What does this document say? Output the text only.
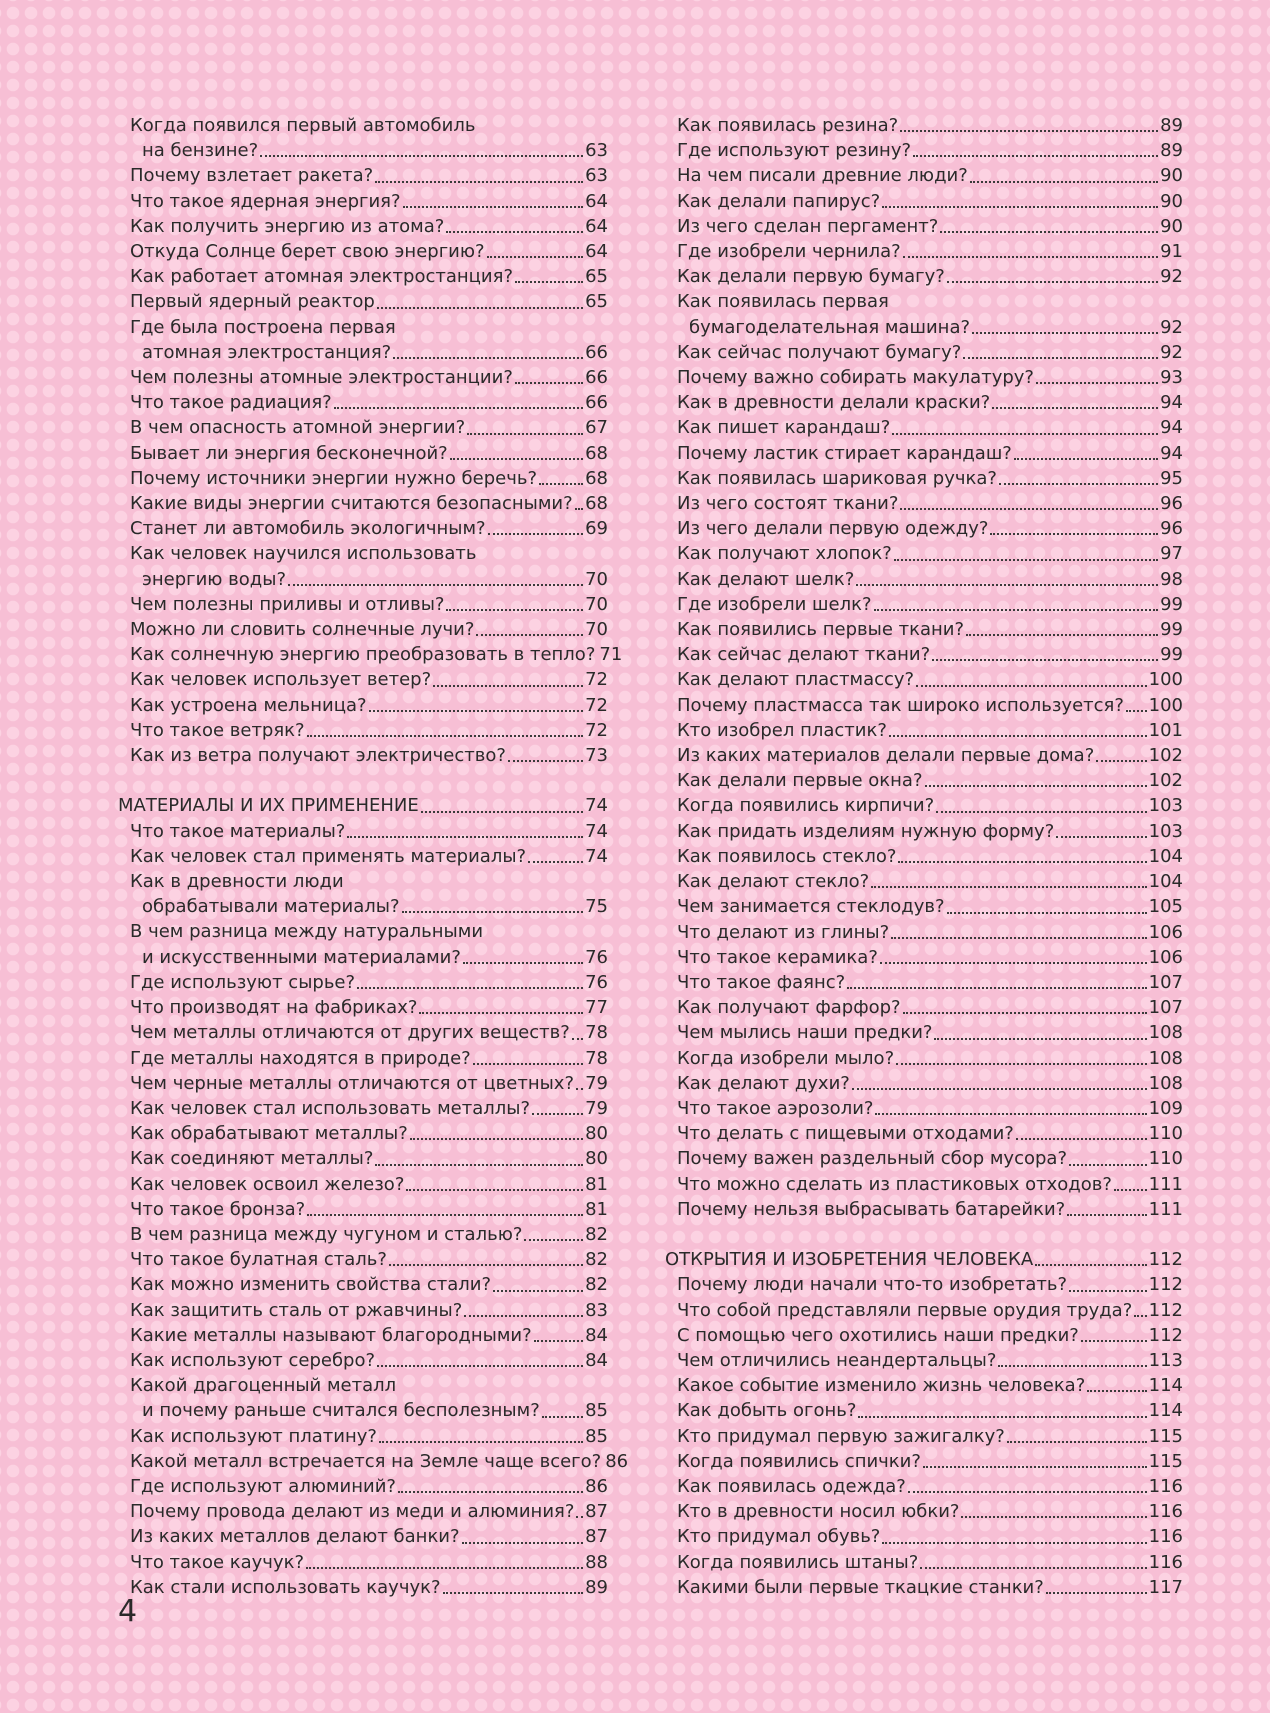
Когда появился первый автомобиль
на бензине?	63
Почему взлетает ракета?	63
Что такое ядерная энергия?	64
Как получить энергию из атома?	64
Откуда Солнце берет свою энергию?	64
Как работает атомная электростанция?	65
Первый ядерный реактор	65
Где была построена первая
атомная электростанция?	66
Чем полезны атомные электростанции?	66
Что такое радиация?	66
В чем опасность атомной энергии?	67
Бывает ли энергия бесконечной?	68
Почему источники энергии нужно беречь?	68
Какие виды энергии считаются безопасными? 68
Станет ли автомобиль экологичным?	69
Как человек научился использовать
энергию воды?	70
Чем полезны приливы и отливы?	70
Можно ли словить солнечные лучи?	70
Как солнечную энергию преобразовать в тепло? 71
Как человек использует ветер?	72
Как устроена мельница?	72
Что такое ветряк?	72
Как из ветра получают электричество?	73
МАТЕРИАЛЫ И ИХ ПРИМЕНЕНИЕ	74
Что такое материалы?	74
Как человек стал применять материалы?	74
Как в древности люди
обрабатывали материалы?	75
В чем разница между натуральными
и искусственными материалами?	76
Где используют сырье?	76
Что производят на фабриках?	77
Чем металлы отличаются от других веществ? 78
Где металлы находятся в природе?	78
Чем черные металлы отличаются от цветных? 79
Как человек стал использовать металлы?	79
Как обрабатывают металлы?	80
Как соединяют металлы?	80
Как человек освоил железо?	81
Что такое бронза?	81
В чем разница между чугуном и сталью?	82
Что такое булатная сталь?	82
Как можно изменить свойства стали?	82
Как защитить сталь от ржавчины?	83
Какие металлы называют благородными?	84
Как используют серебро?	84
Какой драгоценный металл
и почему раньше считался бесполезным?	85
Как используют платину?	85
Какой металл встречается на Земле чаще всего? 86
Где используют алюминий?	86
Почему провода делают из меди и алюминия? 87
Из каких металлов делают банки?	87
Что такое каучук?	88
Как стали использовать каучук?	89
Как появилась резина?	89
Где используют резину?	89
На чем писали древние люди?	90
Как делали папирус?	90
Из чего сделан пергамент?	90
Где изобрели чернила?	91
Как делали первую бумагу?	92
Как появилась первая
бумагоделательная машина?	92
Как сейчас получают бумагу?	92
Почему важно собирать макулатуру?	93
Как в древности делали краски?	94
Как пишет карандаш?	94
Почему ластик стирает карандаш?	94
Как появилась шариковая ручка?	95
Из чего состоят ткани?	96
Из чего делали первую одежду?	96
Как получают хлопок?	97
Как делают шелк?	98
Где изобрели шелк?	99
Как появились первые ткани?	99
Как сейчас делают ткани?	99
Как делают пластмассу?	100
Почему пластмасса так широко используется? 100
Кто изобрел пластик?	101
Из каких материалов делали первые дома?	102
Как делали первые окна?	102
Когда появились кирпичи?	103
Как придать изделиям нужную форму?	103
Как появилось стекло?	104
Как делают стекло?	104
Чем занимается стеклодув?	105
Что делают из глины?	106
Что такое керамика?	106
Что такое фаянс?	107
Как получают фарфор?	107
Чем мылись наши предки?	108
Когда изобрели мыло?	108
Как делают духи?	108
Что такое аэрозоли?	109
Что делать с пищевыми отходами?	110
Почему важен раздельный сбор мусора?	110
Что можно сделать из пластиковых отходов? 111
Почему нельзя выбрасывать батарейки?	111
ОТКРЫТИЯ И ИЗОБРЕТЕНИЯ ЧЕЛОВЕКА	112
Почему люди начали что-то изобретать?	112
Что собой представляли первые орудия труда? 112
С помощью чего охотились наши предки?	112
Чем отличились неандертальцы?	113
Какое событие изменило жизнь человека?	114
Как добыть огонь?	114
Кто придумал первую зажигалку?	115
Когда появились спички?	115
Как появилась одежда?	116
Кто в древности носил юбки?	116
Кто придумал обувь?	116
Когда появились штаны?	116
Какими были первые ткацкие станки?	117
4
